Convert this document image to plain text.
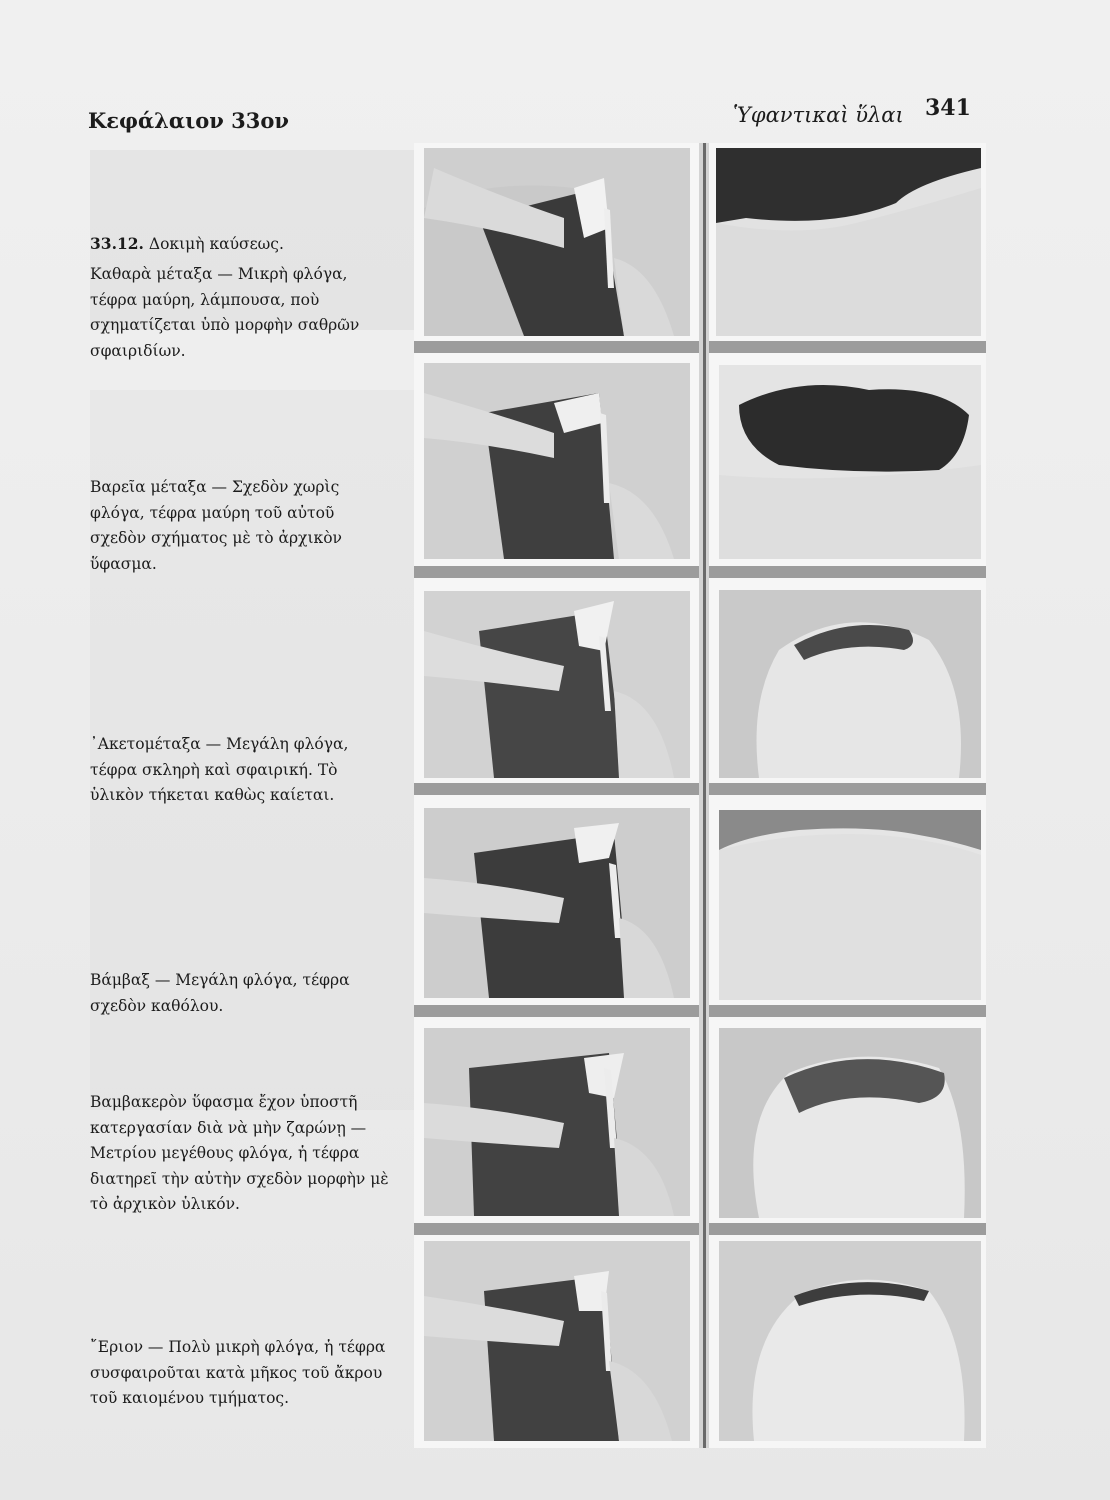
Κεφάλαιον 33ον	Ὑφαντικαὶ ὕλαι 341
33.12. Δοκιμὴ καύσεως.
Καθαρὰ μέταξα — Μικρὴ φλόγα, τέφρα μαύρη, λάμπουσα, ποὺ σχηματίζεται ὑπὸ μορφὴν σαθρῶν σφαιριδίων.
Βαρεῖα μέταξα — Σχεδὸν χωρὶς φλόγα, τέφρα μαύρη τοῦ αὐτοῦ σχεδὸν σχήματος μὲ τὸ ἀρχικὸν ὕφασμα.
᾿Ακετομέταξα — Μεγάλη φλόγα, τέφρα σκληρὴ καὶ σφαιρική. Τὸ ὑλικὸν τήκεται καθὼς καίεται.
Βάμβαξ — Μεγάλη φλόγα, τέφρα σχεδὸν καθόλου.
Βαμβακερὸν ὕφασμα ἔχον ὑποστῆ κατεργασίαν διὰ νὰ μὴν ζαρώνῃ — Μετρίου μεγέθους φλόγα, ἡ τέφρα διατηρεῖ τὴν αὐτὴν σχεδὸν μορφὴν μὲ τὸ ἀρχικὸν ὑλικόν.
῎Εριον — Πολὺ μικρὴ φλόγα, ἡ τέφρα συσφαιροῦται κατὰ μῆκος τοῦ ἄκρου τοῦ καιομένου τμήματος.
